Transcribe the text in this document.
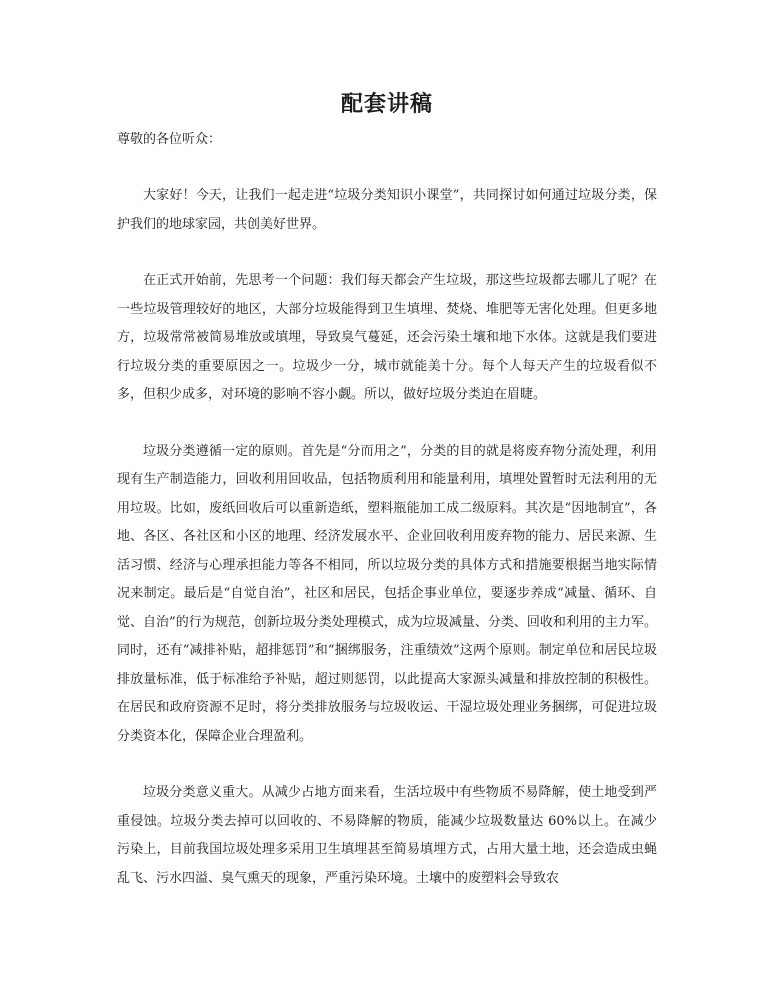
配套讲稿

尊敬的各位听众：

大家好！今天，让我们一起走进“垃圾分类知识小课堂”，共同探讨如何通过垃圾分类，保护我们的地球家园，共创美好世界。

在正式开始前，先思考一个问题：我们每天都会产生垃圾，那这些垃圾都去哪儿了呢？在一些垃圾管理较好的地区，大部分垃圾能得到卫生填埋、焚烧、堆肥等无害化处理。但更多地方，垃圾常常被简易堆放或填埋，导致臭气蔓延，还会污染土壤和地下水体。这就是我们要进行垃圾分类的重要原因之一。垃圾少一分，城市就能美十分。每个人每天产生的垃圾看似不多，但积少成多，对环境的影响不容小觑。所以，做好垃圾分类迫在眉睫。

垃圾分类遵循一定的原则。首先是“分而用之”，分类的目的就是将废弃物分流处理，利用现有生产制造能力，回收利用回收品，包括物质利用和能量利用，填埋处置暂时无法利用的无用垃圾。比如，废纸回收后可以重新造纸，塑料瓶能加工成二级原料。其次是“因地制宜”，各地、各区、各社区和小区的地理、经济发展水平、企业回收利用废弃物的能力、居民来源、生活习惯、经济与心理承担能力等各不相同，所以垃圾分类的具体方式和措施要根据当地实际情况来制定。最后是“自觉自治”，社区和居民，包括企事业单位，要逐步养成“减量、循环、自觉、自治”的行为规范，创新垃圾分类处理模式，成为垃圾减量、分类、回收和利用的主力军。同时，还有“减排补贴，超排惩罚”和“捆绑服务，注重绩效”这两个原则。制定单位和居民垃圾排放量标准，低于标准给予补贴，超过则惩罚，以此提高大家源头减量和排放控制的积极性。在居民和政府资源不足时，将分类排放服务与垃圾收运、干湿垃圾处理业务捆绑，可促进垃圾分类资本化，保障企业合理盈利。

垃圾分类意义重大。从减少占地方面来看，生活垃圾中有些物质不易降解，使土地受到严重侵蚀。垃圾分类去掉可以回收的、不易降解的物质，能减少垃圾数量达 60%以上。在减少污染上，目前我国垃圾处理多采用卫生填埋甚至简易填埋方式，占用大量土地，还会造成虫蝇乱飞、污水四溢、臭气熏天的现象，严重污染环境。土壤中的废塑料会导致农
